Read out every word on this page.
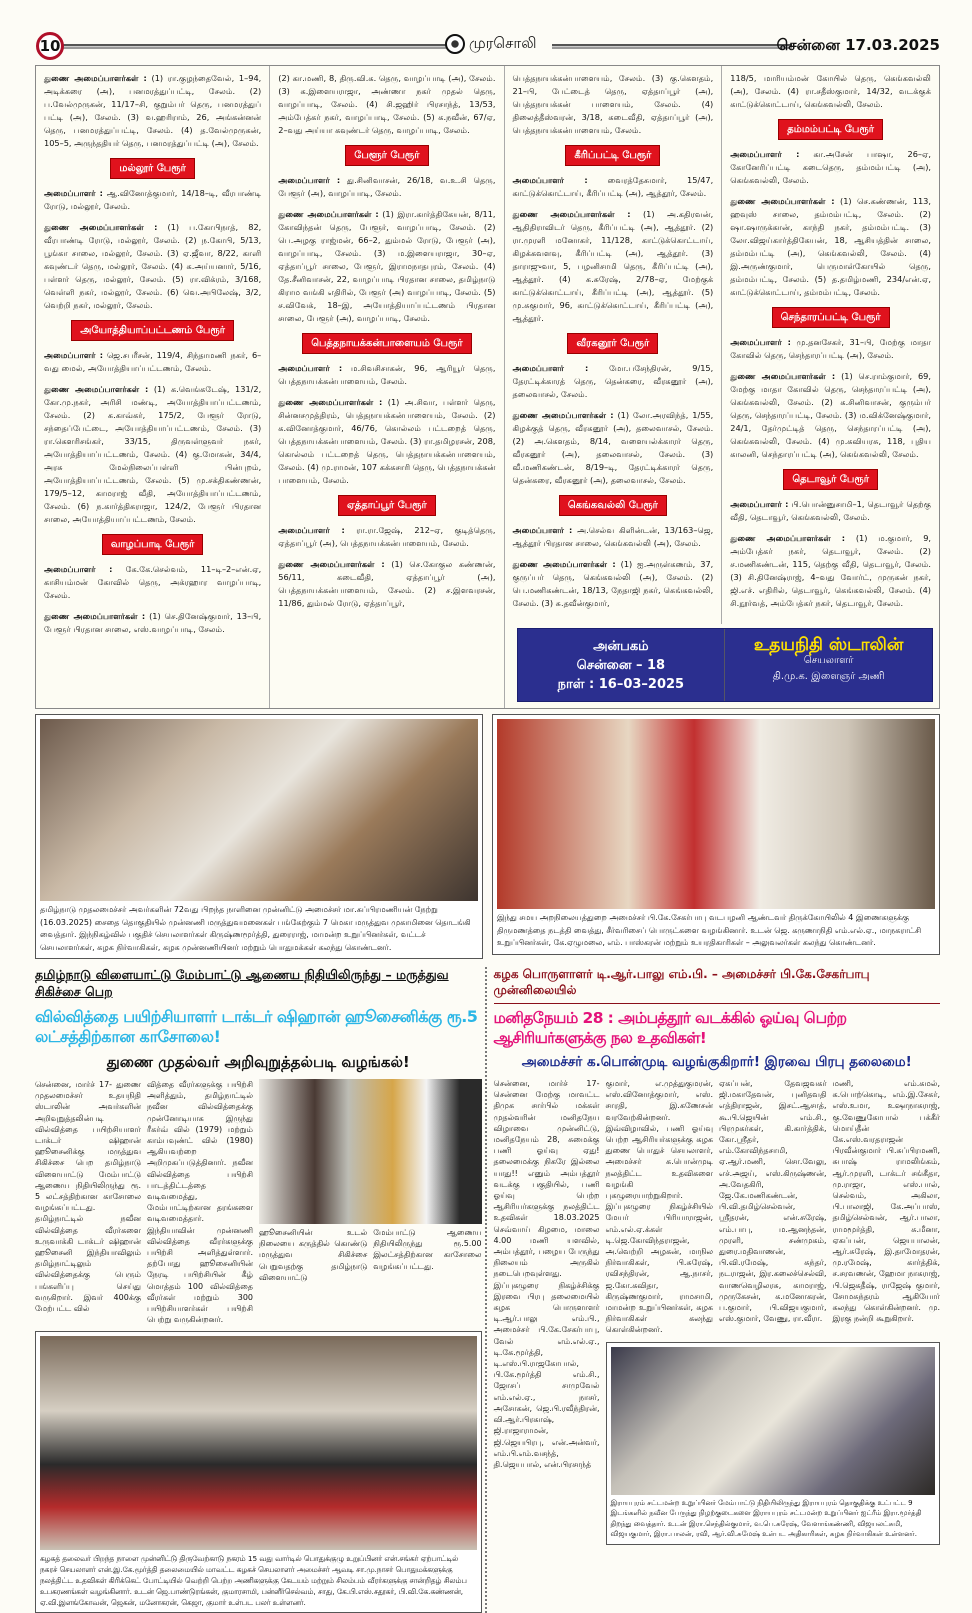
10	முரசொலி	சென்னை 17.03.2025

துணை அமைப்பாளர்கள் : (1) ரா.குழந்தைவேல், 1–94, அடிக்கரை (அ), பனமரத்துப்பட்டி, சேலம். (2) ப.வேல்முருகன், 11/17–சி, குறும்பர் தெரு, பனமரத்துப் பட்டி (அ), சேலம். (3) வ.ஹரிராம், 26, அங்கன்னன் தெரு, பனமரத்துப்பட்டி, சேலம். (4) த.வேல்முருகன், 105–5, அருந்ததியர் தெரு, பனமரத்துப்பட்டி (அ), சேலம்.

மல்லூர் பேரூர்

அமைப்பாளர் : ஆ.வினோத்குமார், 14/18–டி, வீரபாண்டி ரோடு, மல்லூர், சேலம்.

துணை அமைப்பாளர்கள் : (1) ப.கோபிநாத், 82, வீரபாண்டி ரோடு, மல்லூர், சேலம். (2) ந.கோபி, 5/13, பூங்கா சாலை, மல்லூர், சேலம். (3) ஏ.ஜீவா, 8/22, காளி கவுண்டர் தெரு, மல்லூர், சேலம். (4) க.அய்யனார், 5/16, பள்ளர் தெரு, மல்லூர், சேலம். (5) ரா.விக்ரம், 3/168, வெள்ளி நகர், மல்லூர், சேலம். (6) வெ.அபிலேஷ், 3/2, வெற்றி நகர், மல்லூர், சேலம்.

அயோத்தியாப்பட்டணம் பேரூர்

அமைப்பாளர் : ஜெ.சபரீசன், 119/4, சிந்தாமணி நகர், 6–வது மைல், அயோத்தியாப்பட்டணம், சேலம்.

துணை அமைப்பாளர்கள் : (1) க.வெங்கடேஷ், 131/2, கோ.மு.நகர், அரிசி மண்டி, அயோத்தியாப்பட்டணம், சேலம். (2) க.காவ்கர், 175/2, பேளூர் ரோடு, சந்தைப்பேட்டை, அயோத்தியாப்பட்டணம், சேலம். (3) ரா.கௌரிசங்கர், 33/15, திருவள்ளுவர் நகர், அயோத்தியாப்பட்டணம், சேலம். (4) கு.மோகன், 34/4, அரசு மேல்நிலைப்பள்ளி பின்புறம், அயோத்தியாப்பட்டணம், சேலம். (5) மு.சக்திகண்ணன், 179/5–12, காமராஜ் வீதி, அயோத்தியாப்பட்டணம், சேலம். (6) ந.கார்த்திகராஜா, 124/2, பேளூர் பிரதான சாலை, அயோத்தியாப்பட்டணம், சேலம்.

வாழப்பாடி பேரூர்

அமைப்பாளர் : கே.கே.செல்வம், 11–டி–2–என்.ஏ, காசியம்மன் கோவில் தெரு, அக்ரஹார வாழப்பாடி, சேலம்.

துணை அமைப்பாளர்கள் : (1) செ.தினேஷ்குமார், 13–பி, பேளூர் பிரதான சாலை, எஸ்.வாழப்பாடி, சேலம்.

(2) கா.மணி, 8, திரு.வி.க. தெரு, வாழப்பாடி (அ), சேலம். (3) க.இளையராஜா, அண்ணா நகர் முதல் தெரு, வாழப்பாடி, சேலம். (4) சி.ஜஹிர் பிரசாந்த், 13/53, அம்பேத்கர் நகர், வாழப்பாடி, சேலம். (5) க.நவீன், 67/ஏ, 2–வது அய்யா கவுண்டர் தெரு, வாழப்பாடி, சேலம்.

பேளூர் பேரூர்

அமைப்பாளர் : து.சினிவாசன், 26/18, வ.உ.சி தெரு, பேளூர் (அ), வாழப்பாடி, சேலம்.

துணை அமைப்பாளர்கள் : (1) இரா.கார்த்திகேயன், 8/11, கோவிந்தன் தெரு, பேளூர், வாழப்பாடி, சேலம். (2) பெ.அழகு ராஜ்மன், 66–2, தும்மல் ரோடு, பேளூர் (அ), வாழப்பாடி, சேலம். (3) ம.இளையராஜா, 30–ஏ, ஏத்தாப்பூர் சாலை, பேளூர், இராமநாதபுரம், சேலம். (4) தே.சீனிவாசன், 22, வாழப்பாடி பிரதான சாலை, தமிழ்நாடு கிராம வங்கி எதிரில், பேளூர் (அ) வாழப்பாடி, சேலம். (5) ச.விவேக், 18–இ, அயோத்தியாப்பட்டணம் பிரதான சாலை, பேளூர் (அ), வாழப்பாடி, சேலம்.

பெத்தநாயக்கன்பாளையம் பேரூர்

அமைப்பாளர் : ம.சிவசிசாகன், 96, ஆரியூர் தெரு, பெத்தநாயக்கன்பாளையம், சேலம்.

துணை அமைப்பாளர்கள் : (1) அ.சிவா, பள்ளர் தெரு, சின்னசமுத்திரம், பெத்தநாயக்கன்பாளையம், சேலம். (2) க.வினோத்குமார், 46/76, கொல்லம் பட்டறைத் தெரு, பெத்தநாயக்கன்பாளையம், சேலம். (3) ரா.தமிழரசன், 208, கொல்லம் பட்டறைத் தெரு, பெத்தநாயக்கன்பாளையம், சேலம். (4) மு.ராமன், 107 கக்கசாரி தெரு, பெத்தநாயக்கன் பாளையம், சேலம்.

ஏத்தாப்பூர் பேரூர்

அமைப்பாளர் : ரா.ரா.ஜேஷ், 212–ஏ, குடித்தெரு, ஏத்தாப்பூர் (அ), பெத்தநாயக்கன்பாளையம், சேலம்.

துணை அமைப்பாளர்கள் : (1) செ.கோகுல கண்ணன், 56/11, கடைவீதி, ஏத்தாப்பூர் (அ), பெத்தநாயக்கன்பாளையம், சேலம். (2) ச.இளவரசன், 11/86, தும்மல் ரோடு, ஏத்தாப்பூர்,

பெத்தநாயக்கன்பாளையம், சேலம். (3) கு.கௌதம், 21–பி, பேட்டைத் தெரு, ஏத்தாப்பூர் (அ), பெத்தநாயக்கன் பாளையம், சேலம். (4) திலைத்தீஸ்வரன், 3/18, கடைவீதி, ஏத்தாப்பூர் (அ), பெத்தநாயக்கன்பாளையம், சேலம்.

கீரிப்பட்டி பேரூர்

அமைப்பாளர் : வைரத்தேசுமார், 15/47, காட்டுக்கொட்டாய், கீரிப்பட்டி (அ), ஆத்தூர், சேலம்.

துணை அமைப்பாளர்கள் : (1) அ.கதிரவன், ஆதிதிராவிடர் தெரு, கீரிப்பட்டி (அ), ஆத்தூர். (2) ரா.முரளி மனோகர், 11/128, காட்டுக்கொட்டாய், கிழக்கவளவு, கீரிப்பட்டி (அ), ஆத்தூர். (3) தாராஜுவா, 5, பழனிசாமி தெரு, கீரிப்பட்டி (அ), ஆத்தூர். (4) க.சுரேஷ், 2/78–ஏ, மேற்குக் காட்டுக்கொட்டாய், கீரிப்பட்டி (அ), ஆத்தூர். (5) மு.சுகுமார், 96, காட்டுக்கொட்டாய், கீரிப்பட்டி (அ), ஆத்தூர்.

வீரகனூர் பேரூர்

அமைப்பாளர் :	மோ.பசேந்திரன், 9/15, தேரட்டிக்காரத் தெரு, தென்கரை, வீரகனூர் (அ), தலைவாசல், சேலம்.

துணை அமைப்பாளர்கள் : (1) லோ.அரவிந்த், 1/55, கிழக்குத் தெரு, வீரகனூர் (அ), தலைவாசல், சேலம். (2) அ.கௌதம், 8/14, வளையல்க்காரர் தெரு, வீரகனூர் (அ), தலைவாசல், சேலம். (3) வீ.மணிகண்டன், 8/19–டி, தேரட்டிக்காரர் தெரு, தென்கரை, வீரகனூர் (அ), தலைவாசல், சேலம்.

கெங்கவல்லி பேரூர்

அமைப்பாளர் : அ.செல்வ கிளின்டன், 13/163–ஜெ, ஆத்தூர் பிரதான சாலை, கெங்கவல்லி (அ), சேலம்.

துணை அமைப்பாளர்கள் : (1) ஐ.அருள்கணம், 37, குருப்பர் தெரு, கெங்கவல்லி (அ), சேலம். (2) பெ.மணிகண்டன், 18/13, நேதாஜி நகர், கெங்கவல்லி, சேலம். (3) சு.தவீன்குமார்,

118/5, மாரியம்மன் கோயில் தெரு, கெங்கவல்லி (அ), சேலம். (4) ரா.சதீஸ்குமார், 14/32, வடக்குக் காட்டுக்கொட்டாய், கெங்கவல்லி, சேலம்.

தம்மம்பட்டி பேரூர்

அமைப்பாளர் : கா.அசேன் பாஷா, 26–ஏ, கோனேரிப்பட்டி கடைதெரு, தம்மம்பட்டி (அ), கெங்கவல்லி, சேலம்.

துணை அமைப்பாளர்கள் : (1) செ.கண்ணன், 113, ஹவுஸ் சாலை, தம்மம்பட்டி, சேலம். (2) ஷா.ஷாருக்கான், காந்தி நகர், தம்மம்பட்டி. (3) லோ.விஜய்கார்த்திகேயன், 18, ஆசியத்தின் சாலை, தம்மம்பட்டி (அ), கெங்கவல்லி, சேலம். (4) இ.அருண்குமார், பெருமாள்கோயில் தெரு, தம்மம்பட்டி, சேலம். (5) த.தமிழ்மணி, 234/என்.ஏ, காட்டுக்கொட்டாய், தம்மம்பட்டி, சேலம்.

செந்தாரப்பட்டி பேரூர்

அமைப்பாளர் : மு.தனசேகர், 31–பி, மேற்கு மாதா கோவில் தெரு, செந்தாரப்பட்டி (அ), சேலம்.

துணை அமைப்பாளர்கள் : (1) செ.ராம்குமார், 69, மேற்கு மாதா கோவில் தெரு, செந்தாரப்பட்டி (அ), கெங்கவல்லி, சேலம். (2) க.சினிவாசன், குரும்பர் தெரு, செந்தாரப்பட்டி, சேலம். (3) ம.விக்னேஷ்குமார், 24/1, தேர்முட்டித் தெரு, செந்தாரப்பட்டி (அ), கெங்கவல்லி, சேலம். (4) மு.கவியரசு, 118, புதிய காலனி, செந்தாரப்பட்டி (அ), கெங்கவல்லி, சேலம்.

தெடாவூர் பேரூர்

அமைப்பாளர் : பி.பொன்னுசாமி–1, தெடாவூர் தெற்கு வீதி, தெடாவூர், கெங்கவல்லி, சேலம்.

துணை அமைப்பாளர்கள் : (1) ம.குமார், 9, அம்பேத்கர் நகர், தெடாவூர், சேலம். (2) ச.மணிகண்டன், 115, தெற்கு வீதி, தெடாவூர், சேலம். (3) சி.தினேஷ்ராஜ், 4–வது வோர்ட், முருகன் நகர், ஜி.எச். எதிரில், தெடாவூர், கெங்கவல்லி, சேலம். (4) சி.நூர்வத், அம்பேத்கர் நகர், தெடாவூர், சேலம்.

அன்பகம்
சென்னை – 18
நாள் : 16–03–2025
உதயநிதி ஸ்டாலின்
செயலாளர்
தி.மு.க. இளைஞர் அணி
தமிழ்நாடு முதலமைச்சர் அவர்களின் 72வது பிறந்த நாளினை முன்னிட்டு அமைச்சர் மா.சுப்பிரமணியன் நேற்று (16.03.2025) சைதை தொகுதியில் முன்னணி மருத்துவமனைகள் பங்கேற்கும் 7 மெகா மருத்துவ முகாமினை தொடங்கி வைத்தார். இந்நிகழ்வில் பகுதிச் செயலாளர்கள் கிருஷ்ணமூர்த்தி, துரைராஜ், மாமன்ற உறுப்பினர்கள், வட்டச் செயலாளர்கள், கழக நிர்வாகிகள், கழக முன்னணியினர் மற்றும் பொதுமக்கள் கலந்து கொண்டனர்.
இந்து சமய அறநிலையத்துறை அமைச்சர் பி.கே.சேகர்பாபு வடபழனி ஆண்டவர் திருக்கோயிலில் 4 இணைகளுக்கு திருமணத்தை நடத்தி வைத்து, சீர்வரிசைப் பொருட்களை வழங்கினார். உடன் ஜெ. கருணாநிதி எம்.எல்.ஏ., மாநகராட்சி உறுப்பினர்கள், கே.ஏழுமலை, எம். பாஸ்கரன் மற்றும் உயரதிகாரிகள் – அலுவலர்கள் கலந்து கொண்டனர்.
தமிழ்நாடு விளையாட்டு மேம்பாட்டு ஆணைய நிதியிலிருந்து – மருத்துவ சிகிச்சை பெற
வில்வித்தை பயிற்சியாளர் டாக்டர் ஷிஹான் ஹூசைனிக்கு ரூ.5 லட்சத்திற்கான காசோலை!
துணை முதல்வர் அறிவுறுத்தல்படி வழங்கல்!
சென்னை, மார்ச் 17- துணை முதலமைச்சர் உதயநிதி ஸ்டாலின் அவர்களின் அறிவுறுத்தலின்படி வில்வித்தை பயிற்சியாளர் டாக்டர் ஷிஹான் ஹூசைனிக்கு மருத்துவ சிகிச்சை பெற தமிழ்நாடு விளையாட்டு மேம்பாட்டு ஆணைய நிதியிலிருந்து ரூ. 5 லட்சத்திற்கான காசோலை வழங்கப்பட்டது. தமிழ்நாட்டில் நவீன வில்வித்தை வீரர்களை உருவாக்கி டாக்டர் ஷிஹான் ஹூசைனி இந்தியாவிலும் தமிழ்நாட்டிலும் வில்வித்தைக்கு பெரும் பங்களிப்பு செய்து வருகிறார். இவர் 400க்கு மேற்பட்ட வில்
வித்தை வீரர்களுக்கு பயிற்சி அளித்தும், தமிழ்நாட்டில் நவீன வில்வித்தைக்கு முன்னோடியாக இருந்து ரீகர்வ் வில் (1979) மற்றும் காம்பவுண்ட் வில் (1980) ஆகியவற்றை அறிமுகப்படுத்தினார். நவீன வில்வித்தை பயிற்சி பாடத்திட்டத்தை வடிவமைத்து, மேம்பாட்டிற்கான தரங்களை வடிவமைத்தார். இந்தியாவின் முன்னணி வில்வித்தை வீரர்களுக்கு பயிற்சி அளித்துள்ளார். தற்போது ஹூசைனியின் நேரடி பயிற்சியின் கீழ் மொத்தம் 100 வில்வித்தை வீரர்கள் மற்றும் 300 பயிற்சியாளர்கள் பயிற்சி பெற்று வருகின்றனர்.
ஹூசைனியின் உடல் நிலையை கருத்தில் கொண்டு மருத்துவ சிகிச்சை பெறுவதற்கு தமிழ்நாடு விளையாட்டு
மேம்பாட்டு ஆணைய நிதியிலிருந்து ரூ.5.00 இலட்சத்திற்கான காசோலை வழங்கப்பட்டது.
கழகத் தலைவர் பிறந்த நாளை முன்னிட்டு திருவேற்காடு நகரம் 15 வது வார்டில் பொதுக்குழு உறுப்பினர் என்.சங்கர் ஏற்பாட்டில் நகரச் செயலாளர் என்.இ.கே.மூர்த்தி தலைமையில் மாவட்ட கழகச் செயலாளர் அமைச்சர் ஆவடி சா.மு.நாசர் பொதுமக்களுக்கு நலத்திட்ட உதவிகள் கிரிக்கெட் போட்டியில் வெற்றி பெற்ற அணிகளுக்கு கேடயம் மற்றும் சிலம்பம் வீரர்களுக்கு சான்றிதழ் சிலம்ப உபகரணங்கள் வழங்கினார். உடன் ஜெ.பாண்டுரங்கன், குமாரசாமி, பன்னீர்செல்வம், சாது, கே.பி.எஸ்.சதூகர், பி.வி.கே.கண்ணன், ஏ.வி.இளங்கோவன், ஜெகன், மனோகரன், கெஜா, குமார் உள்பட பலர் உள்ளனர்.
கழக பொருளாளர் டி.ஆர்.பாலு எம்.பி. – அமைச்சர் பி.கே.சேகர்பாபு முன்னிலையில்
மனிதநேயம் 28 : அம்பத்தூர் வடக்கில் ஓய்வு பெற்ற ஆசிரியர்களுக்கு நல உதவிகள்!
அமைச்சர் க.பொன்முடி வழங்குகிறார்! இரவை பிரபு தலைமை!
சென்னை, மார்ச் 17- சென்னை மேற்கு மாவட்ட திமுக சார்பில் மக்கள் முதல்வரின் மனிதநேய விழாவை முன்னிட்டு, மனிதநேயம் 28, சுமைக்கு பணி ஓய்வு ஏது! தலைமைக்கு நிகரே இல்லை யாது!! எனும் அம்பத்தூர் வடக்கு பகுதியில், பணி ஓய்வு பெற்ற ஆசிரியர்களுக்கு நலத்திட்ட உதவிகள் 18.03.2025 செவ்வாய் கிழமை, மாலை 4.00 மணி யளவில், அம்பத்தூர், பழைய பேருந்து நிலையம் அருகில் நடைபெறவுள்ளது. இப்புகழுரை நிகழ்ச்சிக்கு இரவை பிரபு தலைமையில் கழக பொருளாளர் டி.ஆர்.பாலு எம்.பி., அமைச்சர் பி.கே.சேகர்பாபு, வேல் எம்.எல்.ஏ., டி.கே.மூர்த்தி, டி.எஸ்.பி.ராஜகோபால், பி.கே.மூர்த்தி எம்.சி., ஜோசப் சாமுவேல் எம்.எல்.ஏ., நாசர், அசோகன், ஜெ.பி.ரவீந்திரன், வி.ஆர்.பிரகாஷ், ஜி.ராஜாராமன், ஜி.ஜெயபிரபு, என்.அன்வர், எம்.பி.எம்.வசந்த், தி.ஜெயபால், என்.பிரசாந்த்
குமார், எ.முத்துகுமரன், எஸ்.வினோத்குமார், எஸ். சாரதி, இ.கணேசன் வரவேற்கின்றனர். இவ்விழாவில், பணி ஓய்வு பெற்ற ஆசிரியர்களுக்கு கழக துணை பொதுச் செயலாளர், அமைச்சர் க.பொன்முடி நலத்திட்ட உதவிகளை வழங்கி புகழுரையாற்றுகிறார். இப்புகழுரை நிகழ்ச்சியில் மேயர் பிரியாராஜன், எம்.எல்.ஏ.க்கள் டி.ஜெ.கோவிந்தராஜன், அ.வெற்றி அழகன், மாநில நிர்வாகிகள், பி.சுரேஷ், ரவிசந்திரன், ஆ.நாசர், ஜ.கோ.கவிதா, கிருஷ்ணகுமார், ராமசாமி, மாமன்ற உறுப்பினர்கள், கழக நிர்வாகிகள் கலந்து கொள்கின்றனர்.
ஏகப்பன், தேவஜவகர் ஜி.மகாதேவன், புனிதவதி எத்திராஜன், இசட்.ஆசாத், கூ.பி.ஜெயின் எம்.சி., பிரமுகர்கள், கி.கார்த்திக், கோ.ஸ்ரீதர், எம்.கோவிந்தசாமி, ஏ.ஆர்.மணி, சொ.வேலு, எச்.அஜய், எஸ்.கிருஷ்ணன், அ.வேதகிரி, ஜே.கே.மணிகண்டன், பி.வி.தமிழ்செல்வன், ஸ்ரீதரன், என்.சுரேஷ், எம்.பாபு, ம.ஆனந்தன், முரளி, சண்முகம், துரை.மதிவாணன், பி.வி.ரமேஷ், சுந்தர், நடராஜன், இர.கலைச்செல்வி, வாணவெழிலரசு, காமராஜ், முருகேசன், க.மனோகரன், ப.குமார், பி.விஜயகுமார், எஸ்.குமார், வேணு, ரா.வீரா.
மணி, எம்.கமல், க.பொற்கொடி, எம்.இ.சேகர், எஸ்.உமா, உஷாநாகராஜ், கு.வேணுகோபால் பக்கீர் மொய்தீன் கே.எஸ்.வரதராஜன் பிரவீன்குமார் பி.சுப்பிரமணி, சுபாஷ் ராமலிங்கம், ஆர்.முரளி, டாக்டர் சங்கீதா, மு.ராஜா, எஸ்.பால், செல்வம், அகிலா, பி.பாலாஜி, கே.அப்பாஸ், தமிழ்செல்வன், ஆர்.பாலா, ராமமூர்த்தி, சு.மீனா, ஏகப்பன், ஜெயபாலன், ஆர்.சுரேஷ், இ.தாமோதரன், மு.ரமேஷ், கார்த்திக், ச.சரவணன், ஹேமா நாகராஜ், பி.ஜெகதீஷ், ராஜேஷ் குமார், சோமசுந்தரம் ஆகியோர் கலந்து கொள்கின்றனர். மு. இரகு நன்றி கூறுகிறார்.
இராயபுரம் சட்டமன்ற உறுப்பினர் மேம்பாட்டு நிதியிலிருந்து இராயபுரம் தொகுதிக்கு உட்பட்ட 9 இடங்களில் நவீன பேருந்து நிழற்குடைகளை இராயபுரம் சட்டமன்ற உறுப்பினர் ஐட்ரீம் இரா.மூர்த்தி திறந்து வைத்தார். உடன் இரா.செந்தில்குமார், வ.பெ.சுரேஷ், வேளாங்கண்ணி, விஜயலட்சுமி, விஜயகுமார், இரா.பாலன், ரவி, ஆர்.வி.சுமேஷ் உள்பட அதிகாரிகள், கழக நிர்வாகிகள் உள்ளனர்.
